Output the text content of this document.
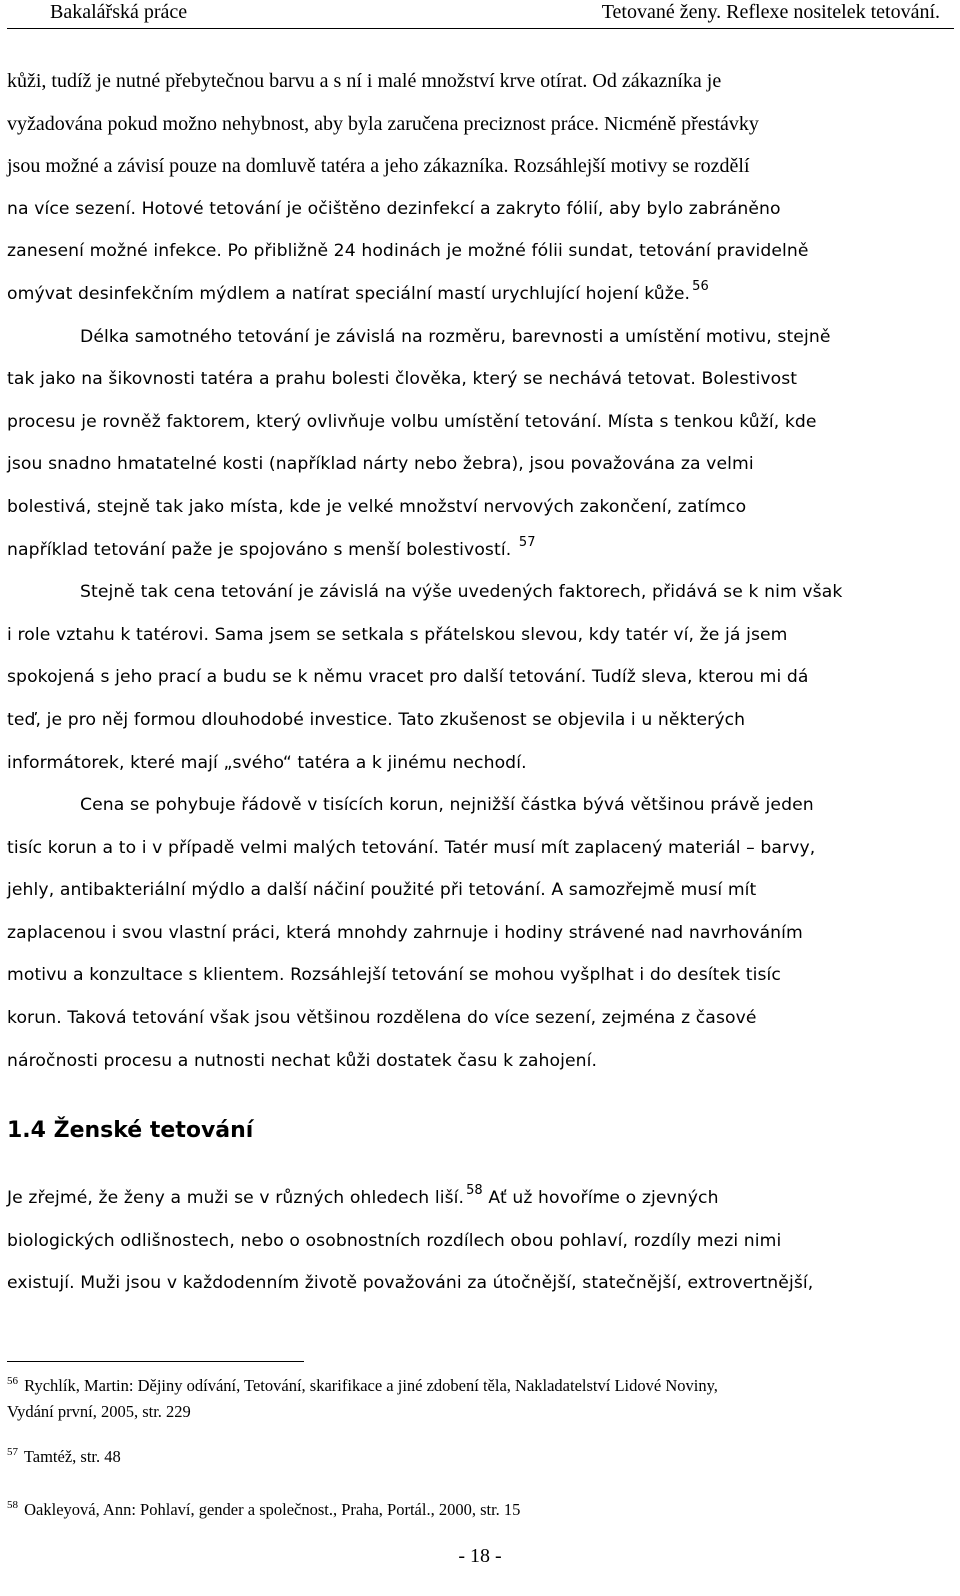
Bakalářská práce	Tetované ženy. Reflexe nositelek tetování.
kůži, tudíž je nutné přebytečnou barvu a s ní i malé množství krve otírat. Od zákazníka je
vyžadována pokud možno nehybnost, aby byla zaručena preciznost práce. Nicméně přestávky
jsou možné a závisí pouze na domluvě tatéra a jeho zákazníka. Rozsáhlejší motivy se rozdělí
na více sezení. Hotové tetování je očištěno dezinfekcí a zakryto fólií, aby bylo zabráněno
zanesení možné infekce. Po přibližně 24 hodinách je možné fólii sundat, tetování pravidelně
omývat desinfekčním mýdlem a natírat speciální mastí urychlující hojení kůže. $^{56}$
Délka samotného tetování je závislá na rozměru, barevnosti a umístění motivu, stejně
tak jako na šikovnosti tatéra a prahu bolesti člověka, který se nechává tetovat. Bolestivost
procesu je rovněž faktorem, který ovlivňuje volbu umístění tetování. Místa s tenkou kůží, kde
jsou snadno hmatatelné kosti (například nárty nebo žebra), jsou považována za velmi
bolestivá, stejně tak jako místa, kde je velké množství nervových zakončení, zatímco
například tetování paže je spojováno s menší bolestivostí. $^{57}$
Stejně tak cena tetování je závislá na výše uvedených faktorech, přidává se k nim však
i role vztahu k tatérovi. Sama jsem se setkala s přátelskou slevou, kdy tatér ví, že já jsem
spokojená s jeho prací a budu se k němu vracet pro další tetování. Tudíž sleva, kterou mi dá
teď, je pro něj formou dlouhodobé investice. Tato zkušenost se objevila i u některých
informátorek, které mají „svého“ tatéra a k jinému nechodí.
Cena se pohybuje řádově v tisících korun, nejnižší částka bývá většinou právě jeden
tisíc korun a to i v případě velmi malých tetování. Tatér musí mít zaplacený materiál – barvy,
jehly, antibakteriální mýdlo a další náčiní použité při tetování. A samozřejmě musí mít
zaplacenou i svou vlastní práci, která mnohdy zahrnuje i hodiny strávené nad navrhováním
motivu a konzultace s klientem. Rozsáhlejší tetování se mohou vyšplhat i do desítek tisíc
korun. Taková tetování však jsou většinou rozdělena do více sezení, zejména z časové
náročnosti procesu a nutnosti nechat kůži dostatek času k zahojení.
1.4 Ženské tetování
Je zřejmé, že ženy a muži se v různých ohledech liší. $^{58}$ Ať už hovoříme o zjevných
biologických odlišnostech, nebo o osobnostních rozdílech obou pohlaví, rozdíly mezi nimi
existují. Muži jsou v každodenním životě považováni za útočnější, statečnější, extrovertnější,
$^{56}$ Rychlík, Martin: Dějiny odívání, Tetování, skarifikace a jiné zdobení těla, Nakladatelství Lidové Noviny,
Vydání první, 2005, str. 229
$^{57}$ Tamtéž, str. 48
$^{58}$ Oakleyová, Ann: Pohlaví, gender a společnost., Praha, Portál., 2000, str. 15
- 18 -
